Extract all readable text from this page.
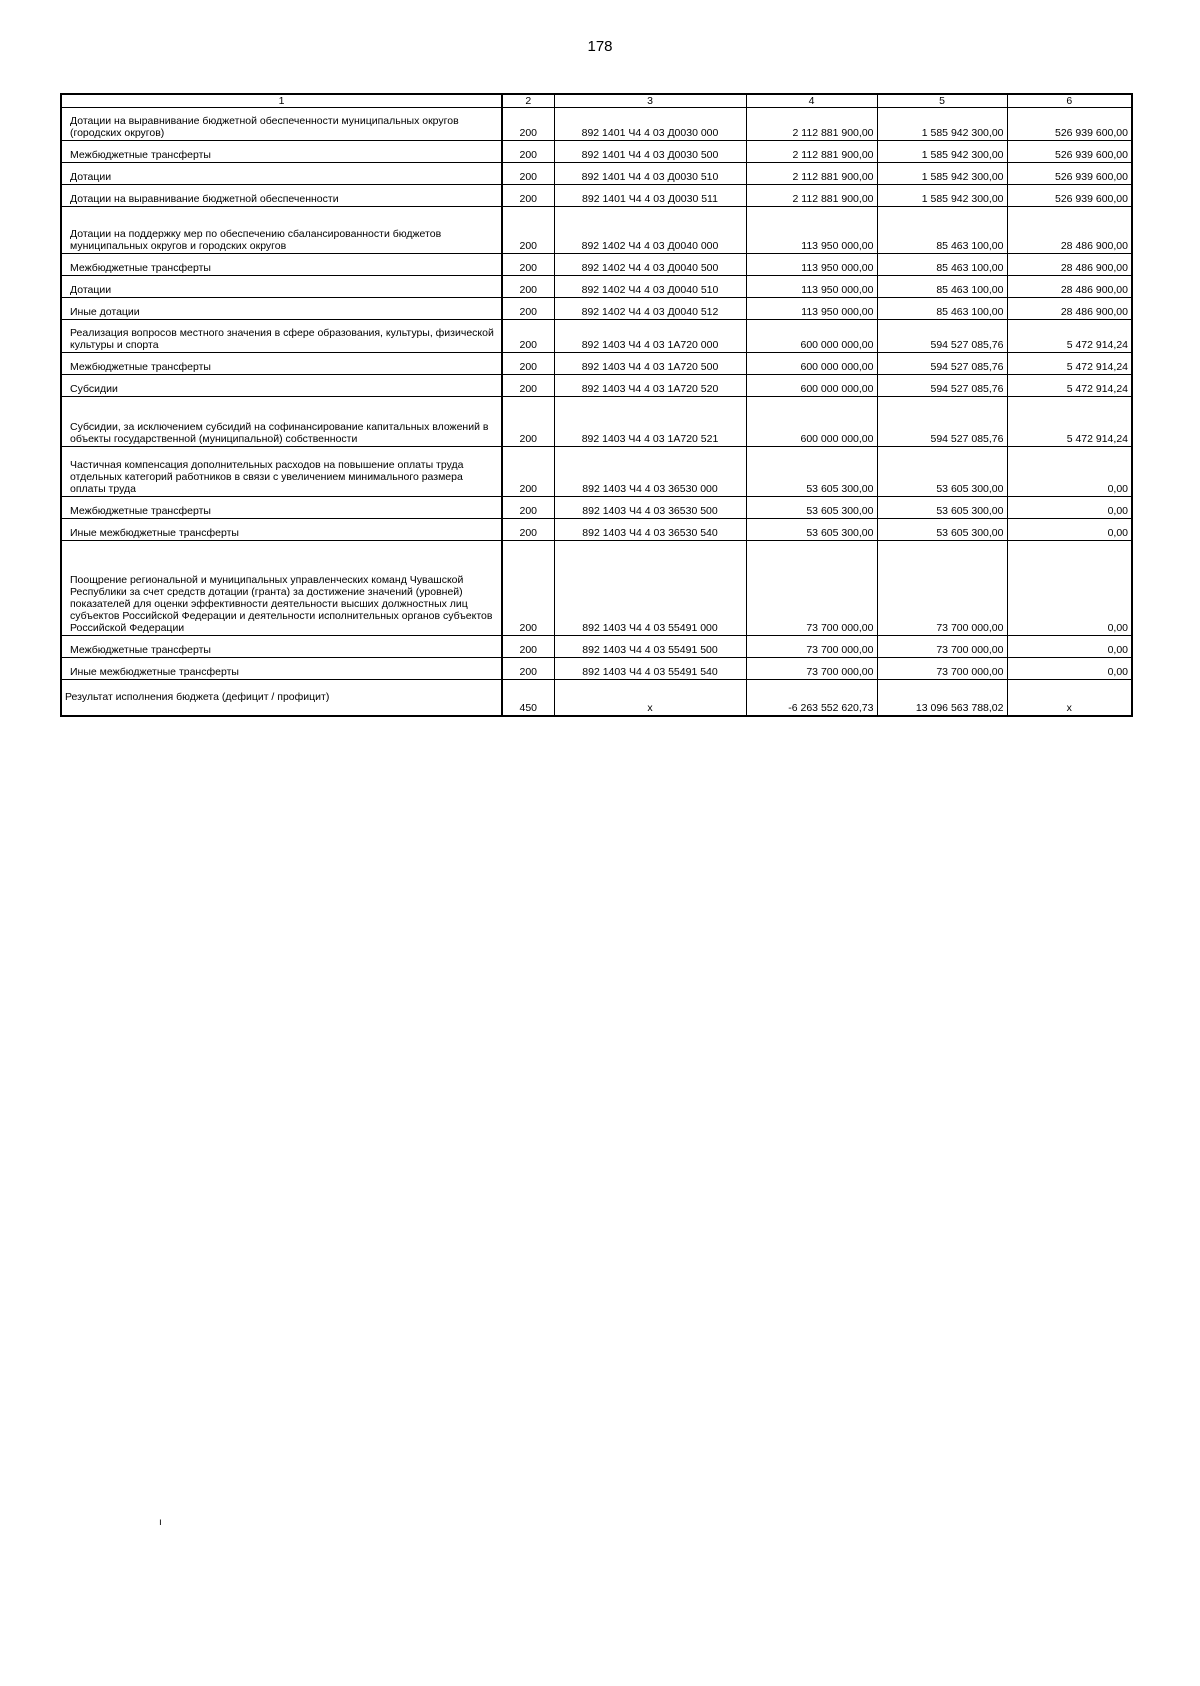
178
1	2	3	4	5	6
Дотации на выравнивание бюджетной обеспеченности муниципальных округов (городских округов)	200	892 1401 Ч4 4 03 Д0030 000	2 112 881 900,00	1 585 942 300,00	526 939 600,00
Межбюджетные трансферты	200	892 1401 Ч4 4 03 Д0030 500	2 112 881 900,00	1 585 942 300,00	526 939 600,00
Дотации	200	892 1401 Ч4 4 03 Д0030 510	2 112 881 900,00	1 585 942 300,00	526 939 600,00
Дотации на выравнивание бюджетной обеспеченности	200	892 1401 Ч4 4 03 Д0030 511	2 112 881 900,00	1 585 942 300,00	526 939 600,00
Дотации на поддержку мер по обеспечению сбалансированности бюджетов муниципальных округов и городских округов	200	892 1402 Ч4 4 03 Д0040 000	113 950 000,00	85 463 100,00	28 486 900,00
Межбюджетные трансферты	200	892 1402 Ч4 4 03 Д0040 500	113 950 000,00	85 463 100,00	28 486 900,00
Дотации	200	892 1402 Ч4 4 03 Д0040 510	113 950 000,00	85 463 100,00	28 486 900,00
Иные дотации	200	892 1402 Ч4 4 03 Д0040 512	113 950 000,00	85 463 100,00	28 486 900,00
Реализация вопросов местного значения в сфере образования, культуры, физической культуры и спорта	200	892 1403 Ч4 4 03 1А720 000	600 000 000,00	594 527 085,76	5 472 914,24
Межбюджетные трансферты	200	892 1403 Ч4 4 03 1А720 500	600 000 000,00	594 527 085,76	5 472 914,24
Субсидии	200	892 1403 Ч4 4 03 1А720 520	600 000 000,00	594 527 085,76	5 472 914,24
Субсидии, за исключением субсидий на софинансирование капитальных вложений в объекты государственной (муниципальной) собственности	200	892 1403 Ч4 4 03 1А720 521	600 000 000,00	594 527 085,76	5 472 914,24
Частичная компенсация дополнительных расходов на повышение оплаты труда отдельных категорий работников в связи с увеличением минимального размера оплаты труда	200	892 1403 Ч4 4 03 36530 000	53 605 300,00	53 605 300,00	0,00
Межбюджетные трансферты	200	892 1403 Ч4 4 03 36530 500	53 605 300,00	53 605 300,00	0,00
Иные межбюджетные трансферты	200	892 1403 Ч4 4 03 36530 540	53 605 300,00	53 605 300,00	0,00
Поощрение региональной и муниципальных управленческих команд Чувашской Республики за счет средств дотации (гранта) за достижение значений (уровней) показателей для оценки эффективности деятельности высших должностных лиц субъектов Российской Федерации и деятельности исполнительных органов субъектов Российской Федерации	200	892 1403 Ч4 4 03 55491 000	73 700 000,00	73 700 000,00	0,00
Межбюджетные трансферты	200	892 1403 Ч4 4 03 55491 500	73 700 000,00	73 700 000,00	0,00
Иные межбюджетные трансферты	200	892 1403 Ч4 4 03 55491 540	73 700 000,00	73 700 000,00	0,00
Результат исполнения бюджета (дефицит / профицит)	450	x	-6 263 552 620,73	13 096 563 788,02	x
ı
